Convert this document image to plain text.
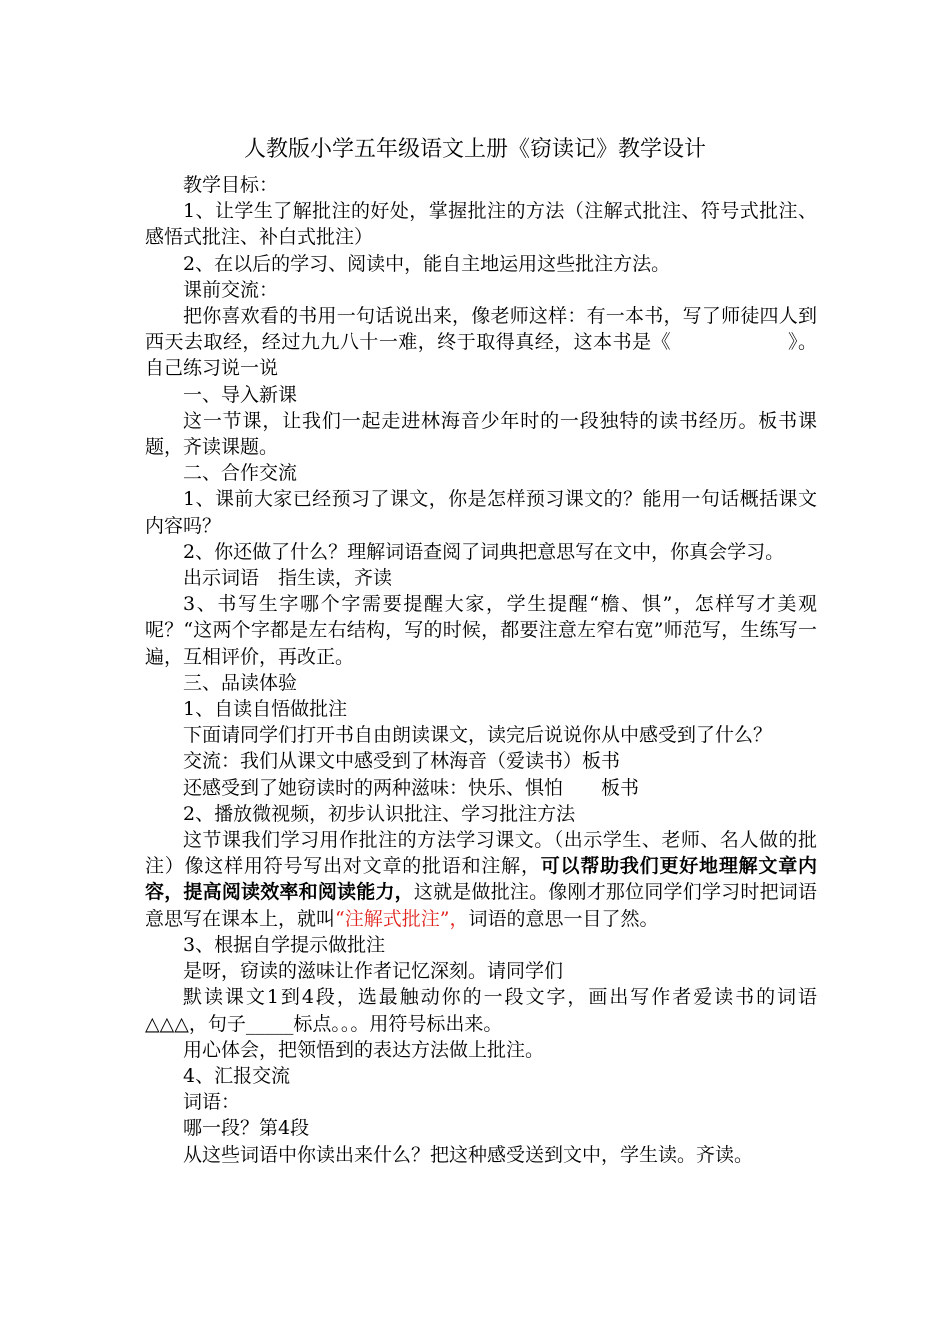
人教版小学五年级语文上册《窃读记》教学设计

教学目标：

1、让学生了解批注的好处，掌握批注的方法（注解式批注、符号式批注、感悟式批注、补白式批注）

2、在以后的学习、阅读中，能自主地运用这些批注方法。

课前交流：

把你喜欢看的书用一句话说出来，像老师这样：有一本书，写了师徒四人到西天去取经，经过九九八十一难，终于取得真经，这本书是《　　　　　　》。自己练习说一说

一、导入新课

这一节课，让我们一起走进林海音少年时的一段独特的读书经历。板书课题，齐读课题。

二、合作交流

1、课前大家已经预习了课文，你是怎样预习课文的？能用一句话概括课文内容吗？

2、你还做了什么？理解词语查阅了词典把意思写在文中，你真会学习。

出示词语　指生读，齐读

3、书写生字哪个字需要提醒大家，学生提醒“檐、惧”，怎样写才美观呢？“这两个字都是左右结构，写的时候，都要注意左窄右宽”师范写，生练写一遍，互相评价，再改正。

三、品读体验

1、自读自悟做批注

下面请同学们打开书自由朗读课文，读完后说说你从中感受到了什么？

交流：我们从课文中感受到了林海音（爱读书）板书

还感受到了她窃读时的两种滋味：快乐、惧怕　　板书

2、播放微视频，初步认识批注、学习批注方法

这节课我们学习用作批注的方法学习课文。（出示学生、老师、名人做的批注）像这样用符号写出对文章的批语和注解，可以帮助我们更好地理解文章内容，提高阅读效率和阅读能力，这就是做批注。像刚才那位同学们学习时把词语意思写在课本上，就叫“注解式批注”，词语的意思一目了然。

3、根据自学提示做批注

是呀，窃读的滋味让作者记忆深刻。请同学们

默读课文1到4段，选最触动你的一段文字，画出写作者爱读书的词语△△△，句子_____标点。。。用符号标出来。

用心体会，把领悟到的表达方法做上批注。

4、汇报交流

词语：

哪一段？第4段

从这些词语中你读出来什么？把这种感受送到文中，学生读。齐读。
